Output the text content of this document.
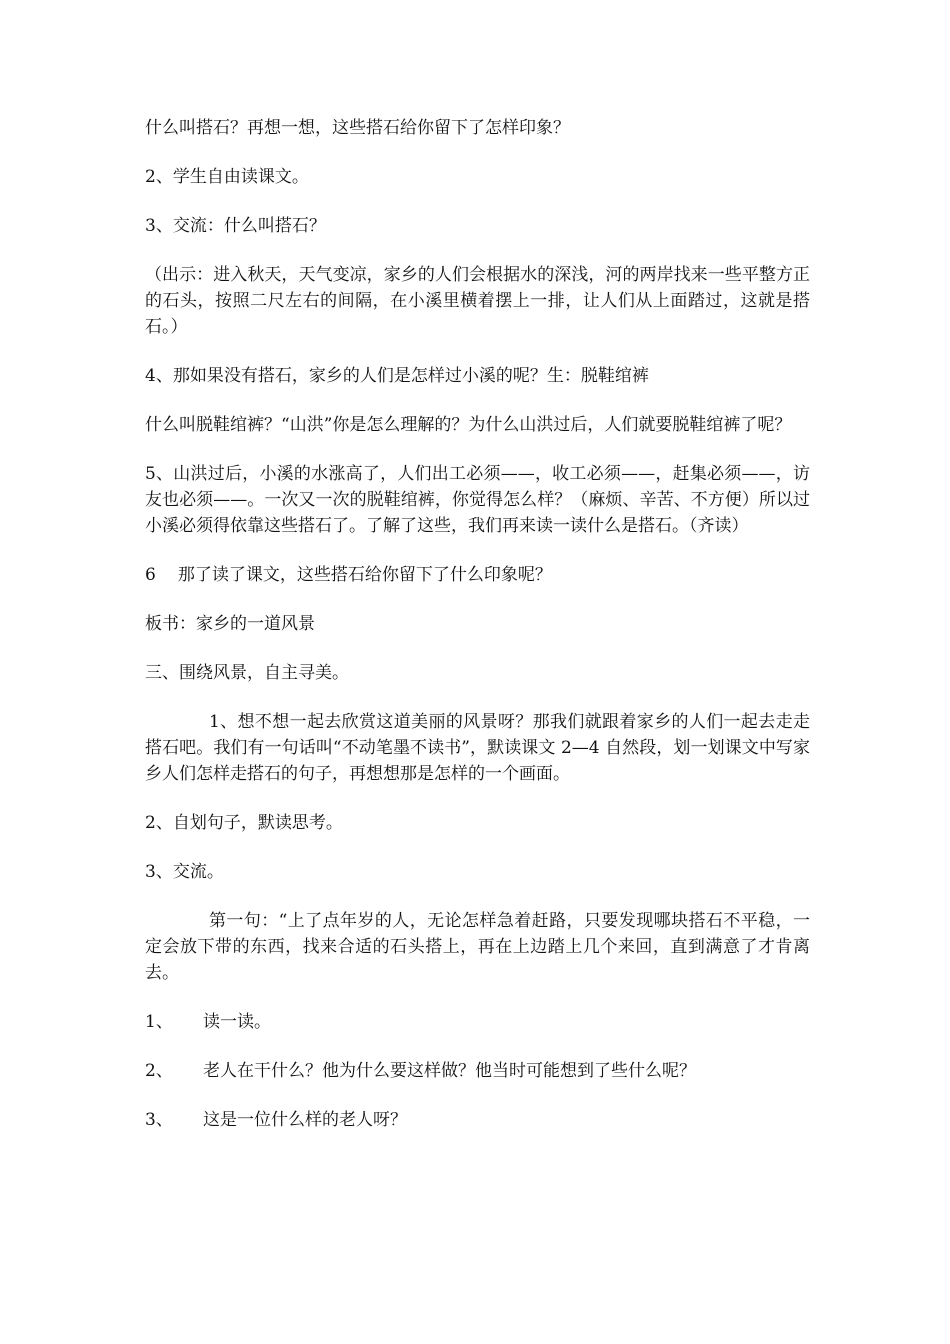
什么叫搭石？再想一想，这些搭石给你留下了怎样印象？

2、学生自由读课文。

3、交流：什么叫搭石？

（出示：进入秋天，天气变凉，家乡的人们会根据水的深浅，河的两岸找来一些平整方正的石头，按照二尺左右的间隔，在小溪里横着摆上一排，让人们从上面踏过，这就是搭石。）

4、那如果没有搭石，家乡的人们是怎样过小溪的呢？生：脱鞋绾裤

什么叫脱鞋绾裤？“山洪”你是怎么理解的？为什么山洪过后，人们就要脱鞋绾裤了呢？

5、山洪过后，小溪的水涨高了，人们出工必须——，收工必须——，赶集必须——，访友也必须——。一次又一次的脱鞋绾裤，你觉得怎么样？（麻烦、辛苦、不方便）所以过小溪必须得依靠这些搭石了。了解了这些，我们再来读一读什么是搭石。（齐读）

6 那了读了课文，这些搭石给你留下了什么印象呢？

板书：家乡的一道风景

三、围绕风景，自主寻美。

1、想不想一起去欣赏这道美丽的风景呀？那我们就跟着家乡的人们一起去走走搭石吧。我们有一句话叫“不动笔墨不读书”，默读课文 2—4 自然段，划一划课文中写家乡人们怎样走搭石的句子，再想想那是怎样的一个画面。

2、自划句子，默读思考。

3、交流。

第一句：“上了点年岁的人，无论怎样急着赶路，只要发现哪块搭石不平稳，一定会放下带的东西，找来合适的石头搭上，再在上边踏上几个来回，直到满意了才肯离去。

1、	读一读。
2、	老人在干什么？他为什么要这样做？他当时可能想到了些什么呢？
3、	这是一位什么样的老人呀？
